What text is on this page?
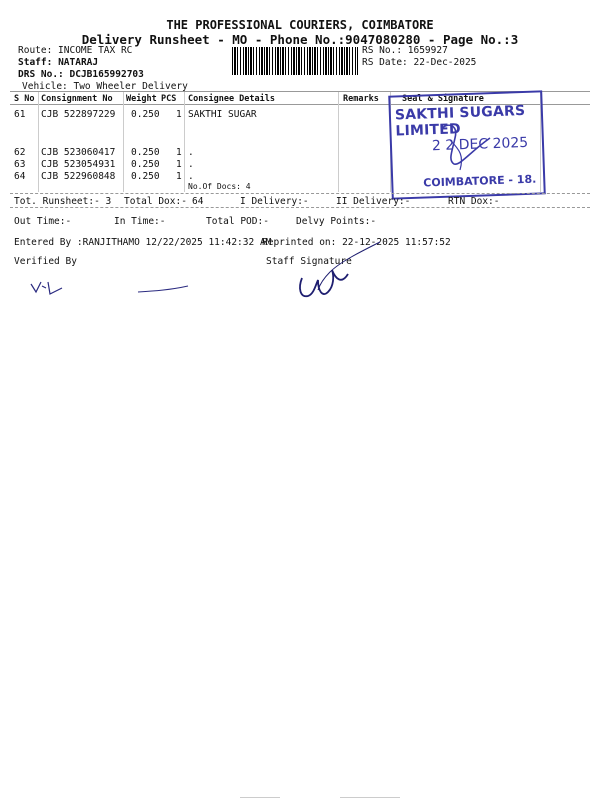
THE PROFESSIONAL COURIERS, COIMBATORE
Delivery Runsheet - MO - Phone No.:9047080280 - Page No.:3
Route: INCOME TAX RC
Staff: NATARAJ
DRS No.: DCJB165992703
Vehicle: Two Wheeler Delivery
RS No.: 1659927
RS Date: 22-Dec-2025
S No Consignment No Weight PCS Consignee Details	Remarks	Seal & Signature
61 CJB 522897229 0.250 1 SAKTHI SUGAR
62 CJB 523060417 0.250 1 .
63 CJB 523054931 0.250 1 .
64 CJB 522960848 0.250 1 .
No.Of Docs: 4
SAKTHI SUGARS LIMITED
2 2 DEC 2025
COIMBATORE - 18.
Tot. Runsheet:- 3 Total Dox:- 64	I Delivery:-	II Delivery:-	RTN Dox:-
Out Time:-	In Time:-	Total POD:-	Delvy Points:-
Entered By :RANJITHAMO 12/22/2025 11:42:32 AM
Reprinted on: 22-12-2025 11:57:52
Verified By	Staff Signature
